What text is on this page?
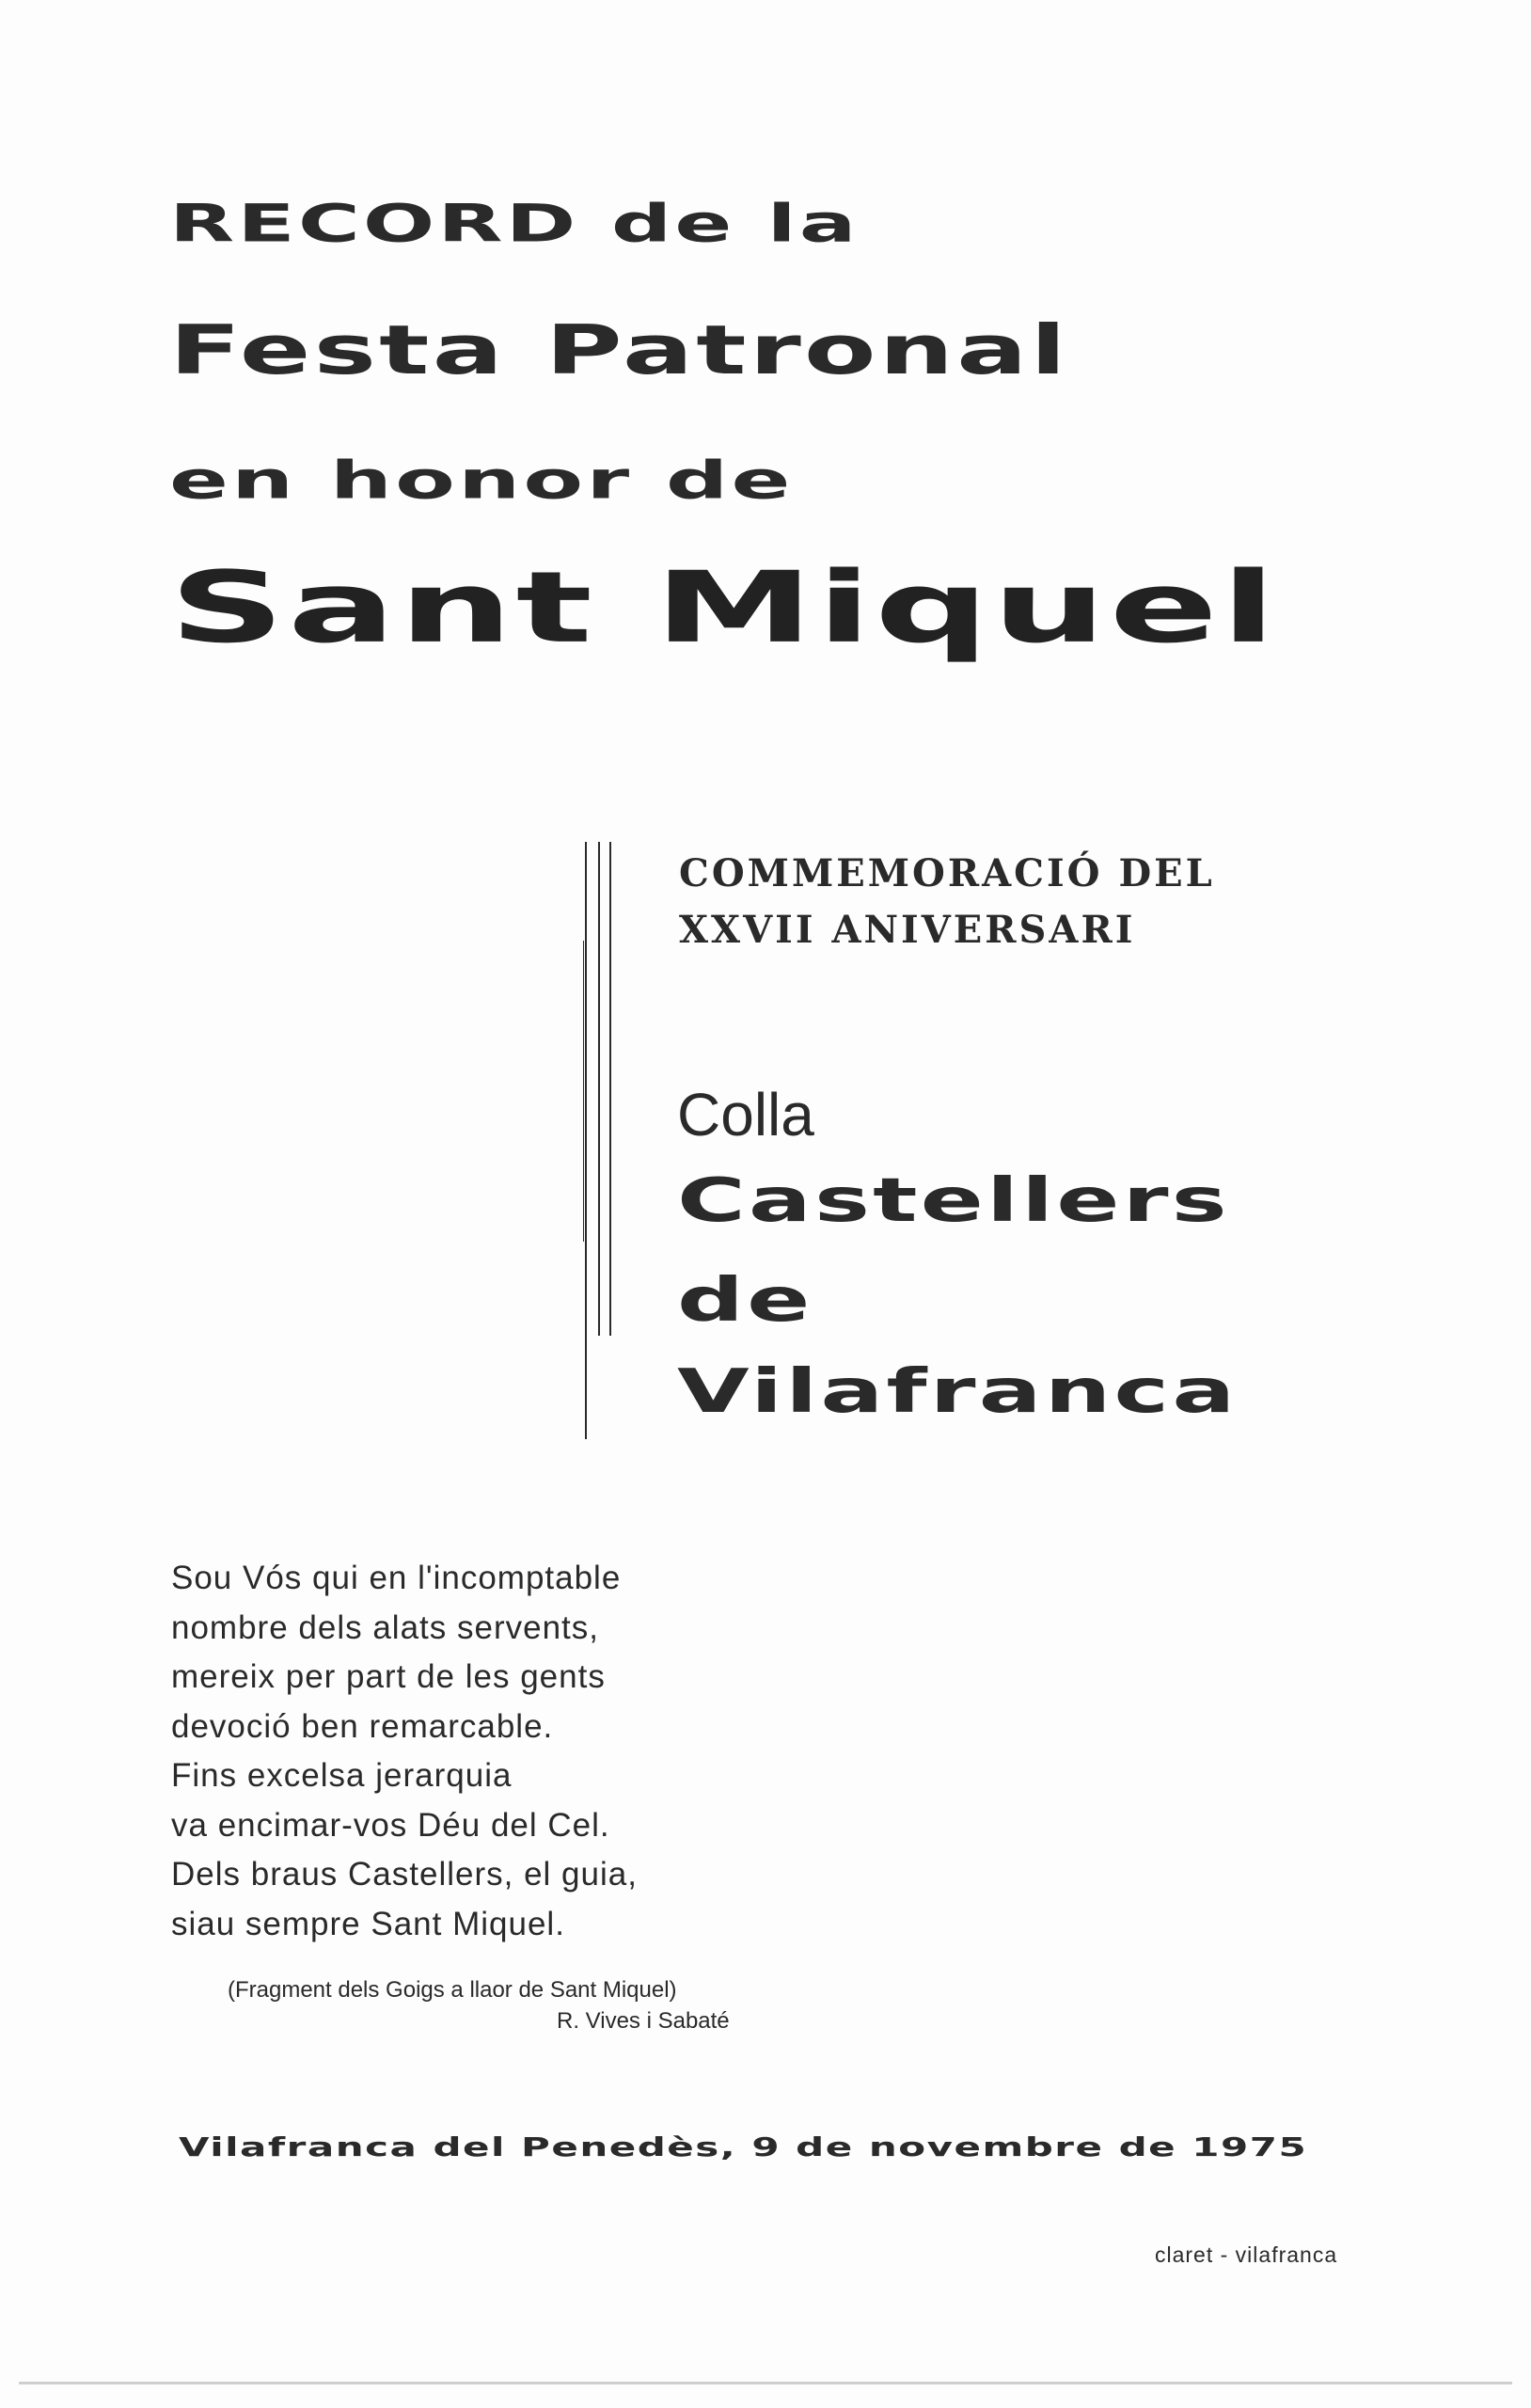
RECORD de la
Festa Patronal
en honor de
Sant Miquel
COMMEMORACIÓ DEL
XXVII ANIVERSARI
Colla
Castellers
de
Vilafranca
Sou Vós qui en l'incomptable
nombre dels alats servents,
mereix per part de les gents
devoció ben remarcable.
Fins excelsa jerarquia
va encimar-vos Déu del Cel.
Dels braus Castellers, el guia,
siau sempre Sant Miquel.
(Fragment dels Goigs a llaor de Sant Miquel)
R. Vives i Sabaté
Vilafranca del Penedès, 9 de novembre de 1975
claret - vilafranca
